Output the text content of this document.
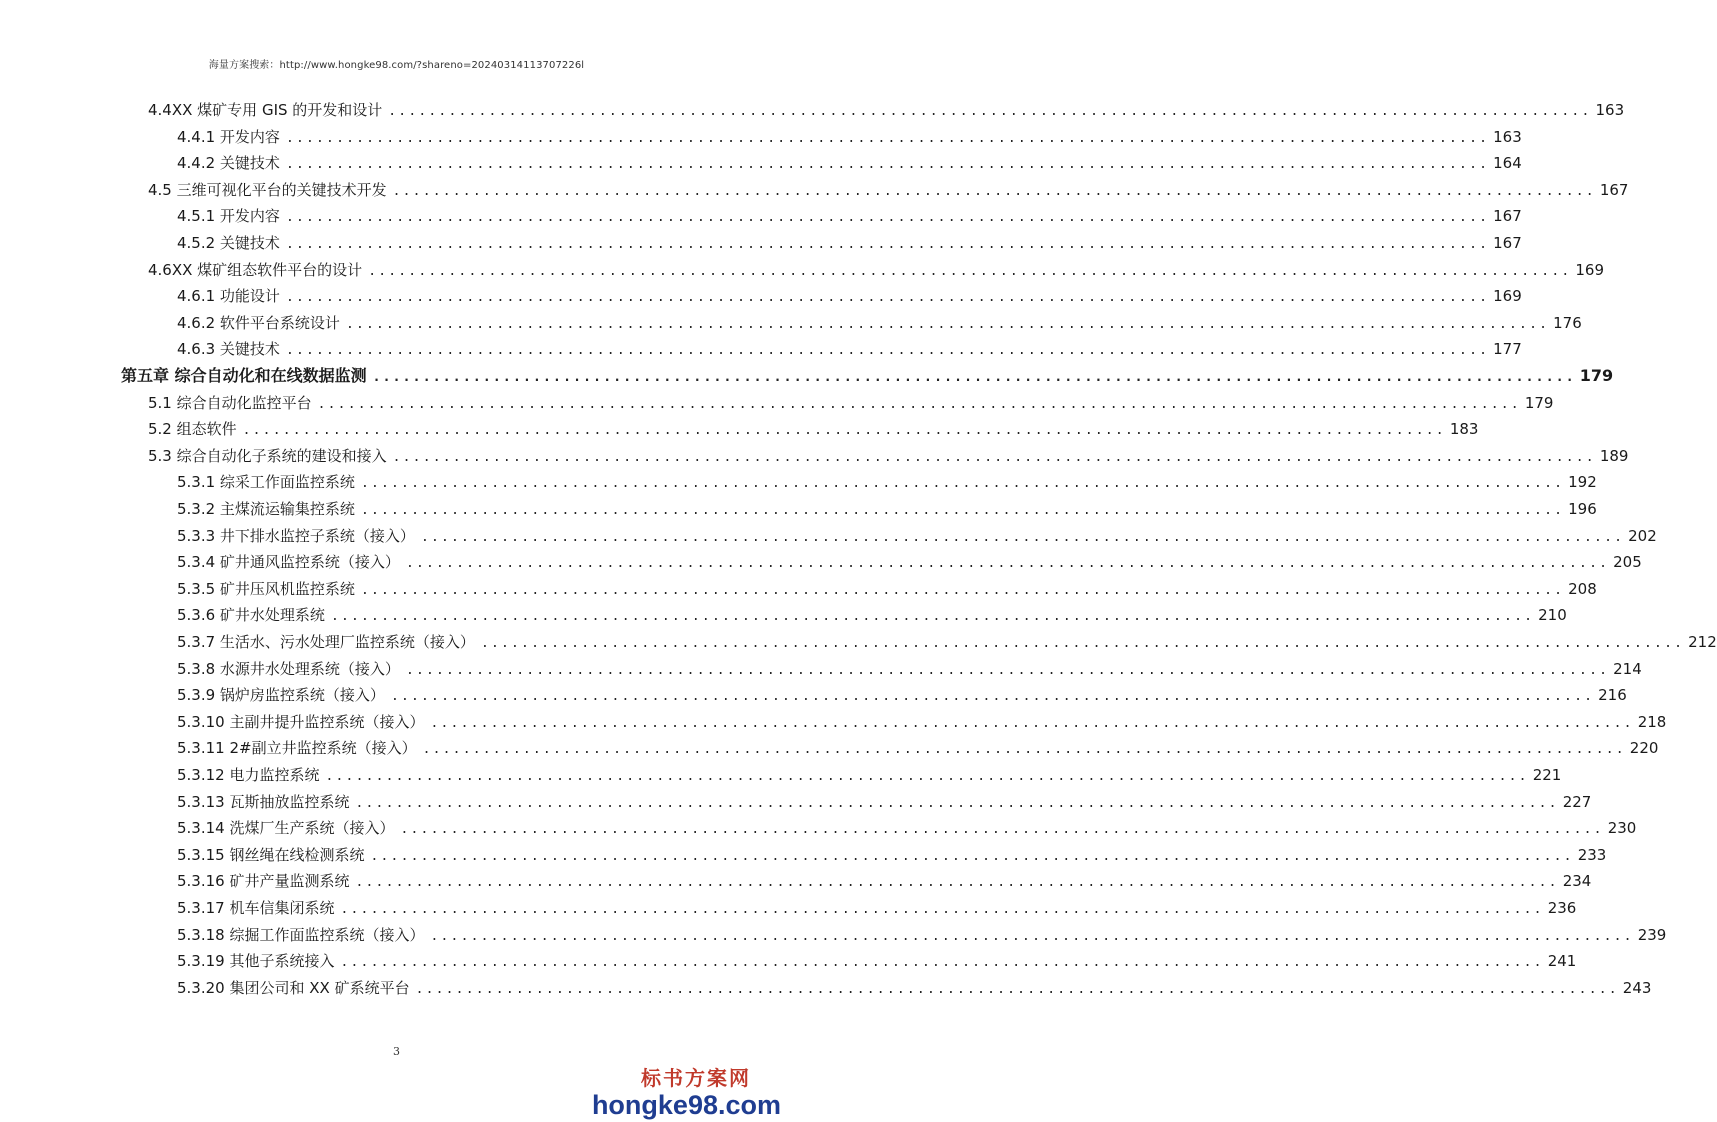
海量方案搜索：http://www.hongke98.com/?shareno=20240314113707226l
4.4XX 煤矿专用 GIS 的开发和设计 ........................................................................................................................ 163
4.4.1 开发内容 ........................................................................................................................ 163
4.4.2 关键技术 ........................................................................................................................ 164
4.5 三维可视化平台的关键技术开发 ........................................................................................................................ 167
4.5.1 开发内容 ........................................................................................................................ 167
4.5.2 关键技术 ........................................................................................................................ 167
4.6XX 煤矿组态软件平台的设计 ........................................................................................................................ 169
4.6.1 功能设计 ........................................................................................................................ 169
4.6.2 软件平台系统设计 ........................................................................................................................ 176
4.6.3 关键技术 ........................................................................................................................ 177
第五章 综合自动化和在线数据监测 ........................................................................................................................ 179
5.1 综合自动化监控平台 ........................................................................................................................ 179
5.2 组态软件 ........................................................................................................................ 183
5.3 综合自动化子系统的建设和接入 ........................................................................................................................ 189
5.3.1 综采工作面监控系统 ........................................................................................................................ 192
5.3.2 主煤流运输集控系统 ........................................................................................................................ 196
5.3.3 井下排水监控子系统（接入） ........................................................................................................................ 202
5.3.4 矿井通风监控系统（接入） ........................................................................................................................ 205
5.3.5 矿井压风机监控系统 ........................................................................................................................ 208
5.3.6 矿井水处理系统 ........................................................................................................................ 210
5.3.7 生活水、污水处理厂监控系统（接入） ........................................................................................................................ 212
5.3.8 水源井水处理系统（接入） ........................................................................................................................ 214
5.3.9 锅炉房监控系统（接入） ........................................................................................................................ 216
5.3.10 主副井提升监控系统（接入） ........................................................................................................................ 218
5.3.11 2#副立井监控系统（接入） ........................................................................................................................ 220
5.3.12 电力监控系统 ........................................................................................................................ 221
5.3.13 瓦斯抽放监控系统 ........................................................................................................................ 227
5.3.14 洗煤厂生产系统（接入） ........................................................................................................................ 230
5.3.15 钢丝绳在线检测系统 ........................................................................................................................ 233
5.3.16 矿井产量监测系统 ........................................................................................................................ 234
5.3.17 机车信集闭系统 ........................................................................................................................ 236
5.3.18 综掘工作面监控系统（接入） ........................................................................................................................ 239
5.3.19 其他子系统接入 ........................................................................................................................ 241
5.3.20 集团公司和 XX 矿系统平台 ........................................................................................................................ 243
3
标书方案网
hongke98.com
